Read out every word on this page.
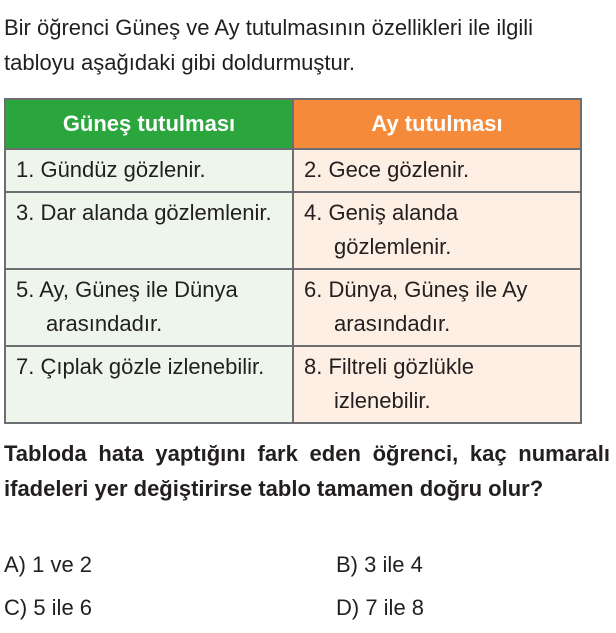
Bir öğrenci Güneş ve Ay tutulmasının özellikleri ile ilgili tabloyu aşağıdaki gibi doldurmuştur.

Güneş tutulması	Ay tutulması

1. Gündüz gözlenir.	2. Gece gözlenir.

3. Dar alanda gözlemlenir.	4. Geniş alanda gözlemlenir.

5. Ay, Güneş ile Dünya arasındadır.	6. Dünya, Güneş ile Ay arasındadır.

7. Çıplak gözle izlenebilir.	8. Filtreli gözlükle izlenebilir.

Tabloda hata yaptığını fark eden öğrenci, kaç numaralı ifadeleri yer değiştirirse tablo tamamen doğru olur?

A) 1 ve 2	B) 3 ile 4
C) 5 ile 6	D) 7 ile 8
